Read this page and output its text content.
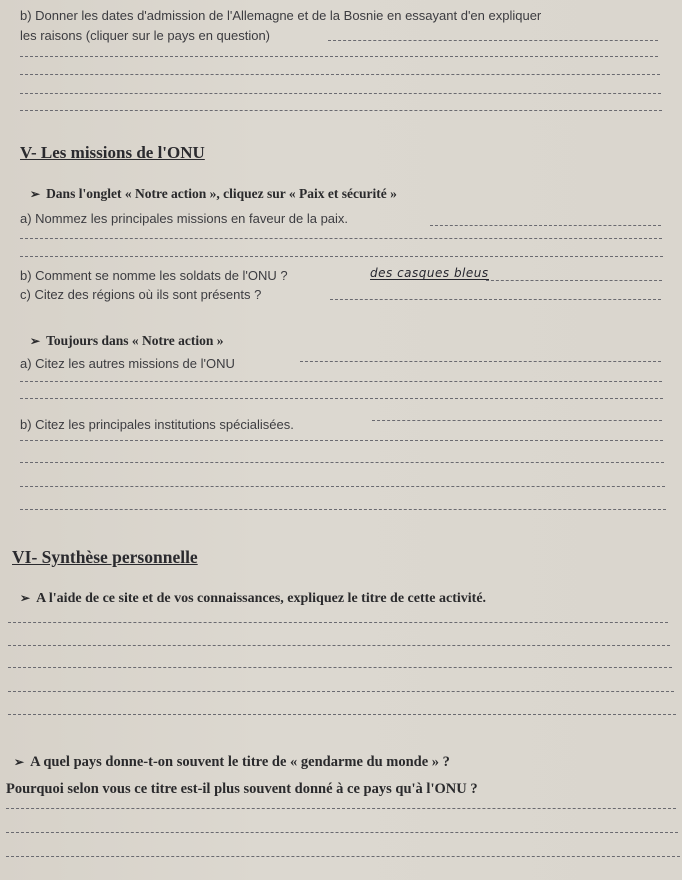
b) Donner les dates d'admission de l'Allemagne et de la Bosnie en essayant d'en expliquer
les raisons (cliquer sur le pays en question)
V- Les missions de l'ONU
➢ Dans l'onglet « Notre action », cliquez sur « Paix et sécurité »
a) Nommez les principales missions en faveur de la paix.
b) Comment se nomme les soldats de l'ONU ?	des casques bleus
c) Citez des régions où ils sont présents ?
➢ Toujours dans « Notre action »
a) Citez les autres missions de l'ONU
b) Citez les principales institutions spécialisées.
VI- Synthèse personnelle
➢ A l'aide de ce site et de vos connaissances, expliquez le titre de cette activité.
➢ A quel pays donne-t-on souvent le titre de « gendarme du monde » ?
Pourquoi selon vous ce titre est-il plus souvent donné à ce pays qu'à l'ONU ?
